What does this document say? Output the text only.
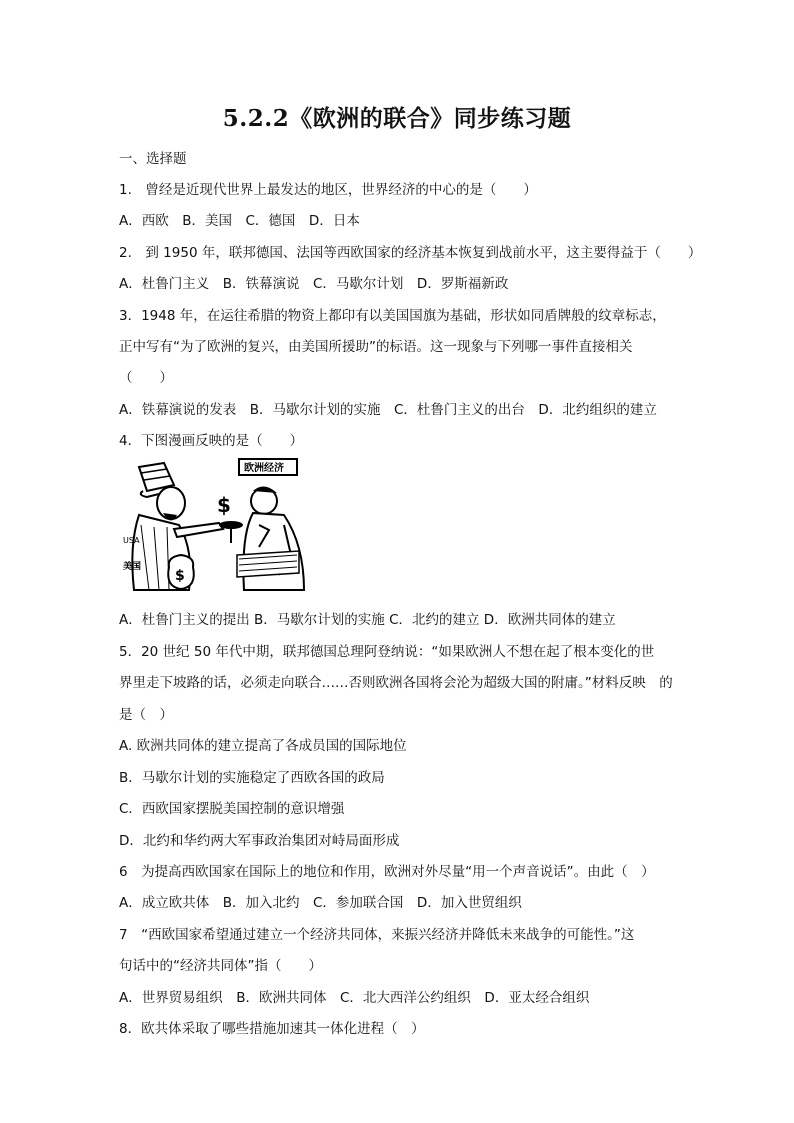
5.2.2《欧洲的联合》同步练习题
一、选择题
1.　曾经是近现代世界上最发达的地区，世界经济的中心的是（　　）
A．西欧　B．美国　C．德国　D．日本
2.　到 1950 年，联邦德国、法国等西欧国家的经济基本恢复到战前水平，这主要得益于（　　）
A．杜鲁门主义　B．铁幕演说　C．马歇尔计划　D．罗斯福新政
3．1948 年，在运往希腊的物资上都印有以美国国旗为基础，形状如同盾牌般的纹章标志，
正中写有“为了欧洲的复兴，由美国所援助”的标语。这一现象与下列哪一事件直接相关
（　　）
A．铁幕演说的发表　B．马歇尔计划的实施　C．杜鲁门主义的出台　D．北约组织的建立
4．下图漫画反映的是（　　）
USA
美国
$
$
欧洲经济
A．杜鲁门主义的提出 B．马歇尔计划的实施 C．北约的建立 D．欧洲共同体的建立
5．20 世纪 50 年代中期，联邦德国总理阿登纳说：“如果欧洲人不想在起了根本变化的世
界里走下坡路的话，必须走向联合……否则欧洲各国将会沦为超级大国的附庸。”材料反映　的
是（　）
A. 欧洲共同体的建立提高了各成员国的国际地位
B．马歇尔计划的实施稳定了西欧各国的政局
C．西欧国家摆脱美国控制的意识增强
D．北约和华约两大军事政治集团对峙局面形成
6　为提高西欧国家在国际上的地位和作用，欧洲对外尽量“用一个声音说话”。由此（　）
A．成立欧共体　B．加入北约　C．参加联合国　D．加入世贸组织
7　“西欧国家希望通过建立一个经济共同体，来振兴经济并降低未来战争的可能性。”这
句话中的“经济共同体”指（　　）
A．世界贸易组织　B．欧洲共同体　C．北大西洋公约组织　D．亚太经合组织
8．欧共体采取了哪些措施加速其一体化进程（　）
